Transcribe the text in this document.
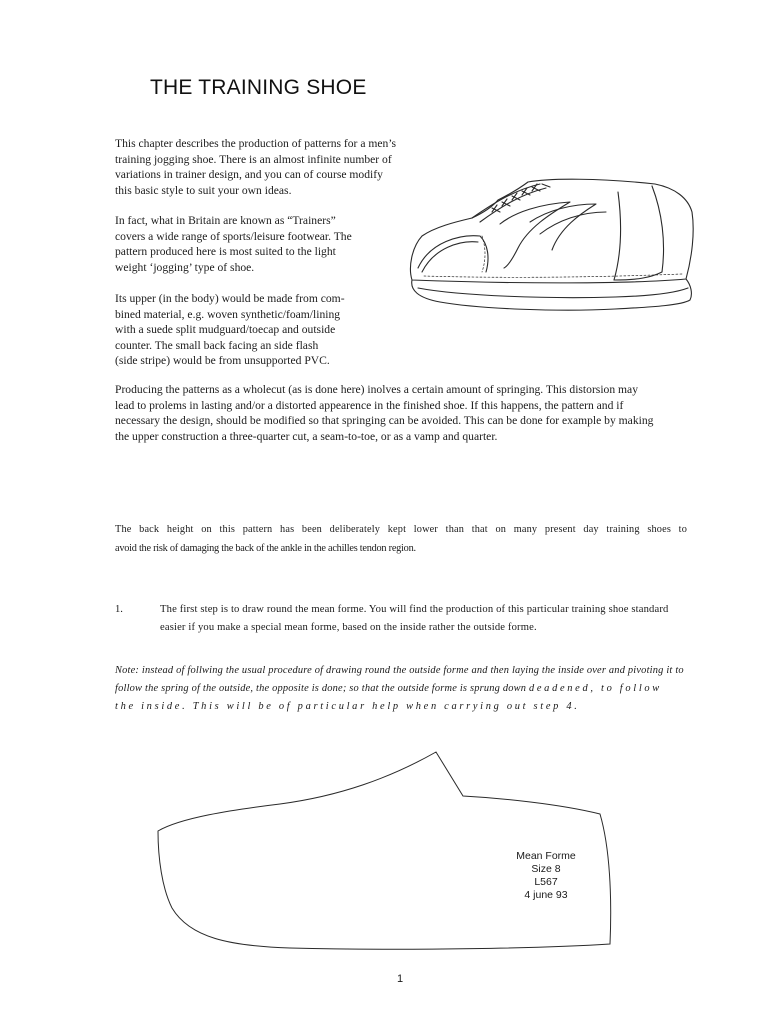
THE TRAINING SHOE

This chapter describes the production of patterns for a men’s
training jogging shoe. There is an almost infinite number of
variations in trainer design, and you can of course modify
this basic style to suit your own ideas.

In fact, what in Britain are known as “Trainers”
covers a wide range of sports/leisure footwear. The
pattern produced here is most suited to the light
weight ‘jogging’ type of shoe.

Its upper (in the body) would be made from com-
bined material, e.g. woven synthetic/foam/lining
with a suede split mudguard/toecap and outside
counter. The small back facing an side flash
(side stripe) would be from unsupported PVC.

Producing the patterns as a wholecut (as is done here) inolves a certain amount of springing. This distorsion may
lead to prolems in lasting and/or a distorted appearence in the finished shoe. If this happens, the pattern and if
necessary the design, should be modified so that springing can be avoided. This can be done for example by making
the upper construction a three-quarter cut, a seam-to-toe, or as a vamp and quarter.

The back height on this pattern has been deliberately kept lower than that on many present day training shoes to
avoid the risk of damaging the back of the ankle in the achilles tendon region.

1.	The first step is to draw round the mean forme. You will find the production of this particular training shoe standard easier if you make a special mean forme, based on the inside rather the outside forme.

Note: instead of follwing the usual procedure of drawing round the outside forme and then laying the inside over and pivoting it to follow the spring of the outside, the opposite is done; so that the outside forme is sprung down deadened, to follow the inside. This will be of particular help when carrying out step 4.

Mean Forme
Size 8
L567
4 june 93
1
